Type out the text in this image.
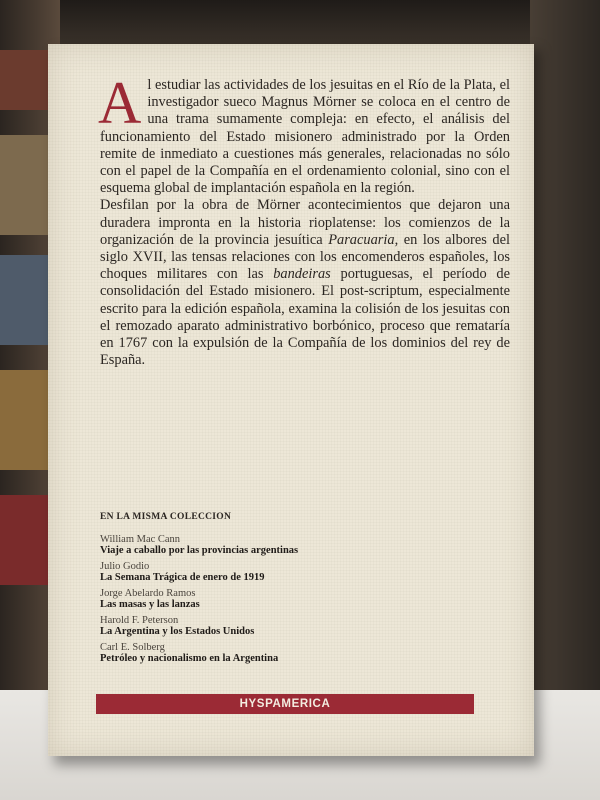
Al estudiar las actividades de los jesuitas en el Río de la Plata, el investigador sueco Magnus Mörner se coloca en el centro de una trama sumamente compleja: en efecto, el análisis del funcionamiento del Estado misionero administrado por la Orden remite de inmediato a cuestiones más generales, relacionadas no sólo con el papel de la Compañía en el ordenamiento colonial, sino con el esquema global de implantación española en la región.

Desfilan por la obra de Mörner acontecimientos que dejaron una duradera impronta en la historia rioplatense: los comienzos de la organización de la provincia jesuítica Paracuaria, en los albores del siglo XVII, las tensas relaciones con los encomenderos españoles, los choques militares con las bandeiras portuguesas, el período de consolidación del Estado misionero. El post-scriptum, especialmente escrito para la edición española, examina la colisión de los jesuitas con el remozado aparato administrativo borbónico, proceso que remataría en 1767 con la expulsión de la Compañía de los dominios del rey de España.

EN LA MISMA COLECCION
William Mac Cann
Viaje a caballo por las provincias argentinas
Julio Godio
La Semana Trágica de enero de 1919
Jorge Abelardo Ramos
Las masas y las lanzas
Harold F. Peterson
La Argentina y los Estados Unidos
Carl E. Solberg
Petróleo y nacionalismo en la Argentina
HYSPAMERICA
